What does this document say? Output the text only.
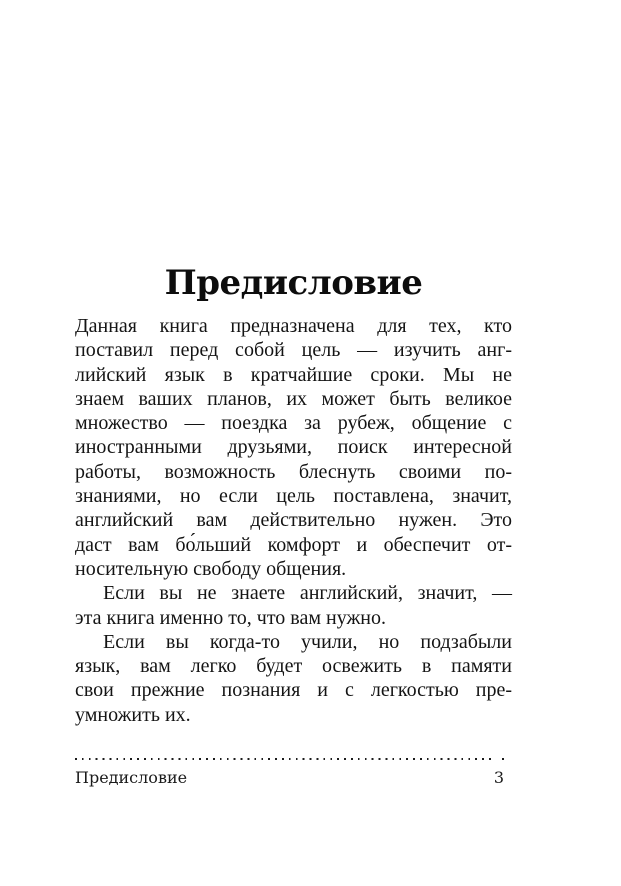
Предисловие
Данная книга предназначена для тех, кто
поставил перед собой цель — изучить анг-
лийский язык в кратчайшие сроки. Мы не
знаем ваших планов, их может быть великое
множество — поездка за рубеж, общение с
иностранными друзьями, поиск интересной
работы, возможность блеснуть своими по-
знаниями, но если цель поставлена, значит,
английский вам действительно нужен. Это
даст вам бо́льший комфорт и обеспечит от-
носительную свободу общения.
Если вы не знаете английский, значит, —
эта книга именно то, что вам нужно.
Если вы когда-то учили, но подзабыли
язык, вам легко будет освежить в памяти
свои прежние познания и с легкостью пре-
умножить их.
Предисловие	3
